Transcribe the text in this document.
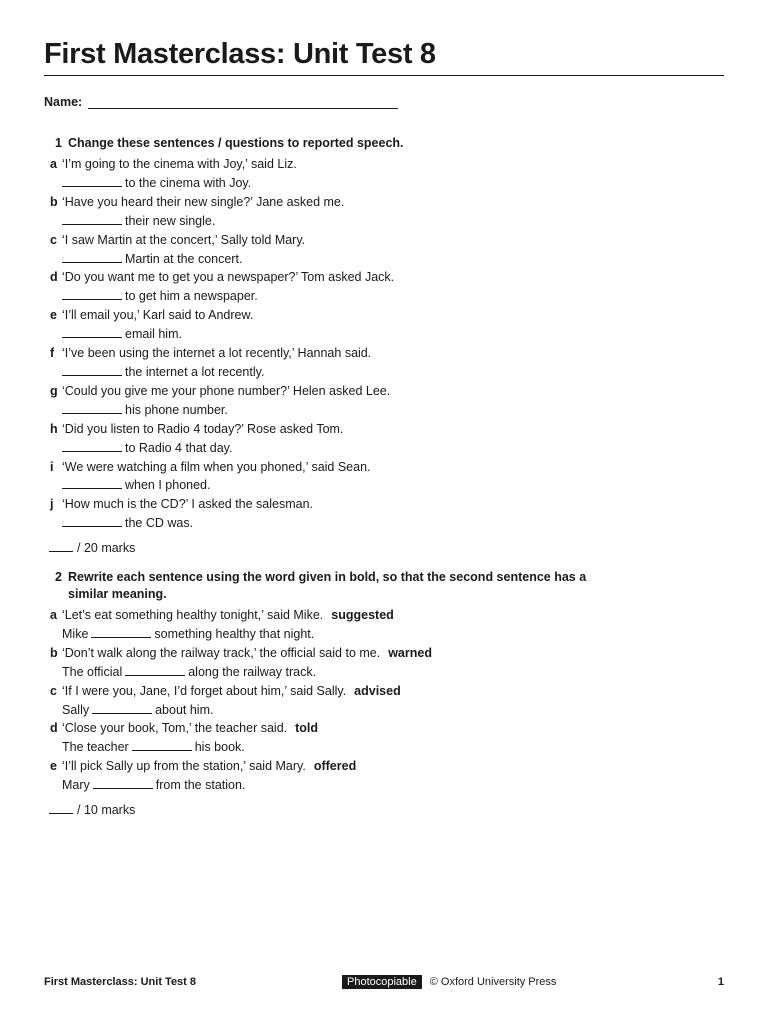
First Masterclass: Unit Test 8
Name:
1 Change these sentences / questions to reported speech.
a ‘I’m going to the cinema with Joy,’ said Liz.
to the cinema with Joy.
b ‘Have you heard their new single?’ Jane asked me.
their new single.
c ‘I saw Martin at the concert,’ Sally told Mary.
Martin at the concert.
d ‘Do you want me to get you a newspaper?’ Tom asked Jack.
to get him a newspaper.
e ‘I’ll email you,’ Karl said to Andrew.
email him.
f ‘I’ve been using the internet a lot recently,’ Hannah said.
the internet a lot recently.
g ‘Could you give me your phone number?’ Helen asked Lee.
his phone number.
h ‘Did you listen to Radio 4 today?’ Rose asked Tom.
to Radio 4 that day.
i ‘We were watching a film when you phoned,’ said Sean.
when I phoned.
j ‘How much is the CD?’ I asked the salesman.
the CD was.
/ 20 marks
2 Rewrite each sentence using the word given in bold, so that the second sentence has a
similar meaning.
a ‘Let’s eat something healthy tonight,’ said Mike. suggested
Mike	something healthy that night.
b ‘Don’t walk along the railway track,’ the official said to me. warned
The official	along the railway track.
c ‘If I were you, Jane, I’d forget about him,’ said Sally. advised
Sally	about him.
d ‘Close your book, Tom,’ the teacher said. told
The teacher	his book.
e ‘I’ll pick Sally up from the station,’ said Mary. offered
Mary	from the station.
/ 10 marks
First Masterclass: Unit Test 8	Photocopiable	© Oxford University Press	1
